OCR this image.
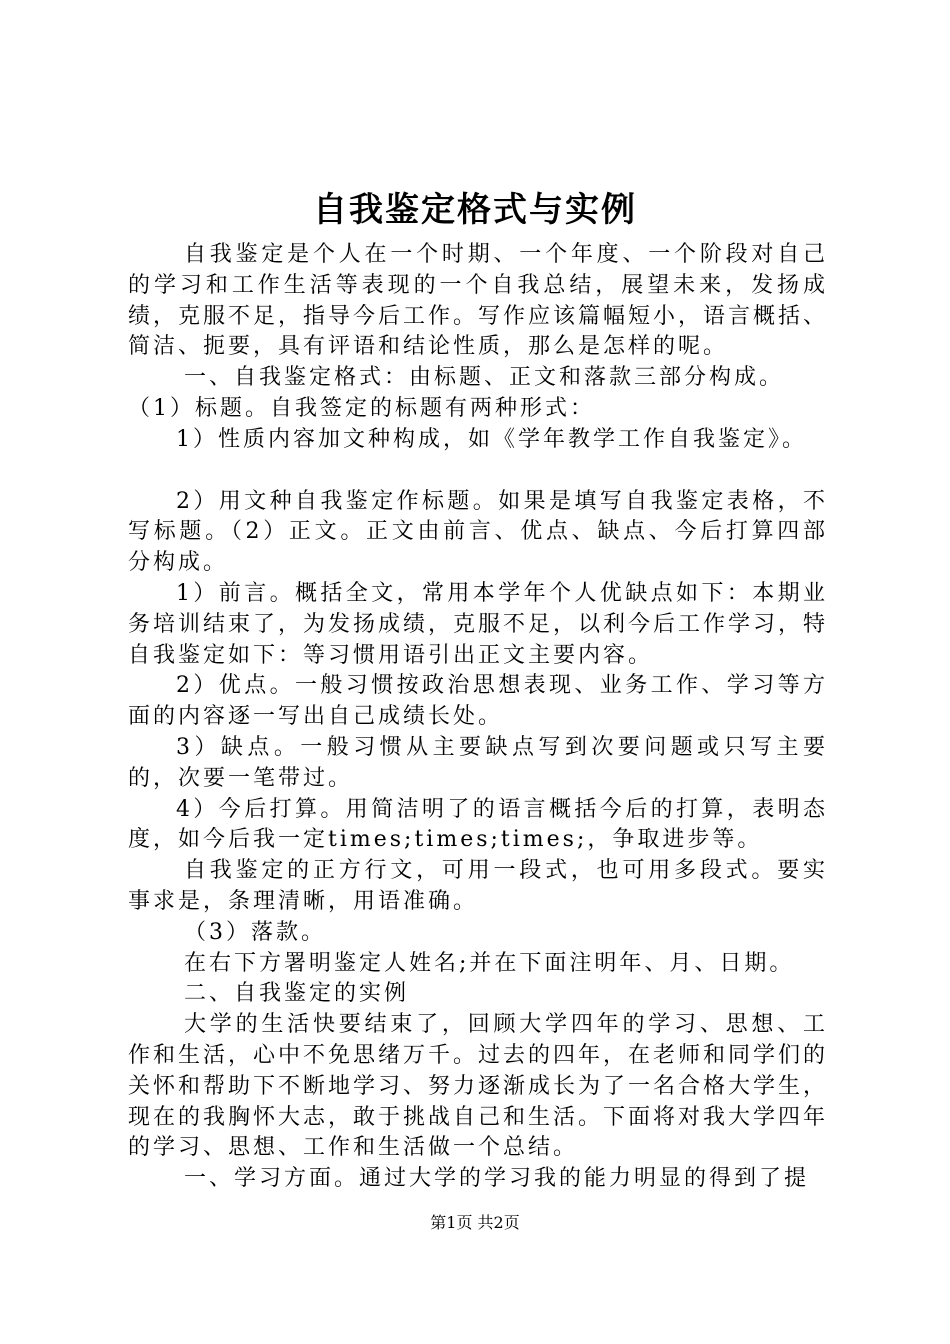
自我鉴定格式与实例

自我鉴定是个人在一个时期、一个年度、一个阶段对自己的学习和工作生活等表现的一个自我总结，展望未来，发扬成绩，克服不足，指导今后工作。写作应该篇幅短小，语言概括、简洁、扼要，具有评语和结论性质，那么是怎样的呢。

一、自我鉴定格式：由标题、正文和落款三部分构成。

（1）标题。自我签定的标题有两种形式：

1）性质内容加文种构成，如《学年教学工作自我鉴定》。

2）用文种自我鉴定作标题。如果是填写自我鉴定表格，不写标题。（2）正文。正文由前言、优点、缺点、今后打算四部分构成。

1）前言。概括全文，常用本学年个人优缺点如下：本期业务培训结束了，为发扬成绩，克服不足，以利今后工作学习，特自我鉴定如下：等习惯用语引出正文主要内容。

2）优点。一般习惯按政治思想表现、业务工作、学习等方面的内容逐一写出自己成绩长处。

3）缺点。一般习惯从主要缺点写到次要问题或只写主要的，次要一笔带过。

4）今后打算。用简洁明了的语言概括今后的打算，表明态度，如今后我一定times;times;times;，争取进步等。

自我鉴定的正方行文，可用一段式，也可用多段式。要实事求是，条理清晰，用语准确。

（3）落款。

在右下方署明鉴定人姓名;并在下面注明年、月、日期。

二、自我鉴定的实例

大学的生活快要结束了，回顾大学四年的学习、思想、工作和生活，心中不免思绪万千。过去的四年，在老师和同学们的关怀和帮助下不断地学习、努力逐渐成长为了一名合格大学生，现在的我胸怀大志，敢于挑战自己和生活。下面将对我大学四年的学习、思想、工作和生活做一个总结。

一、学习方面。通过大学的学习我的能力明显的得到了提

第1页 共2页
